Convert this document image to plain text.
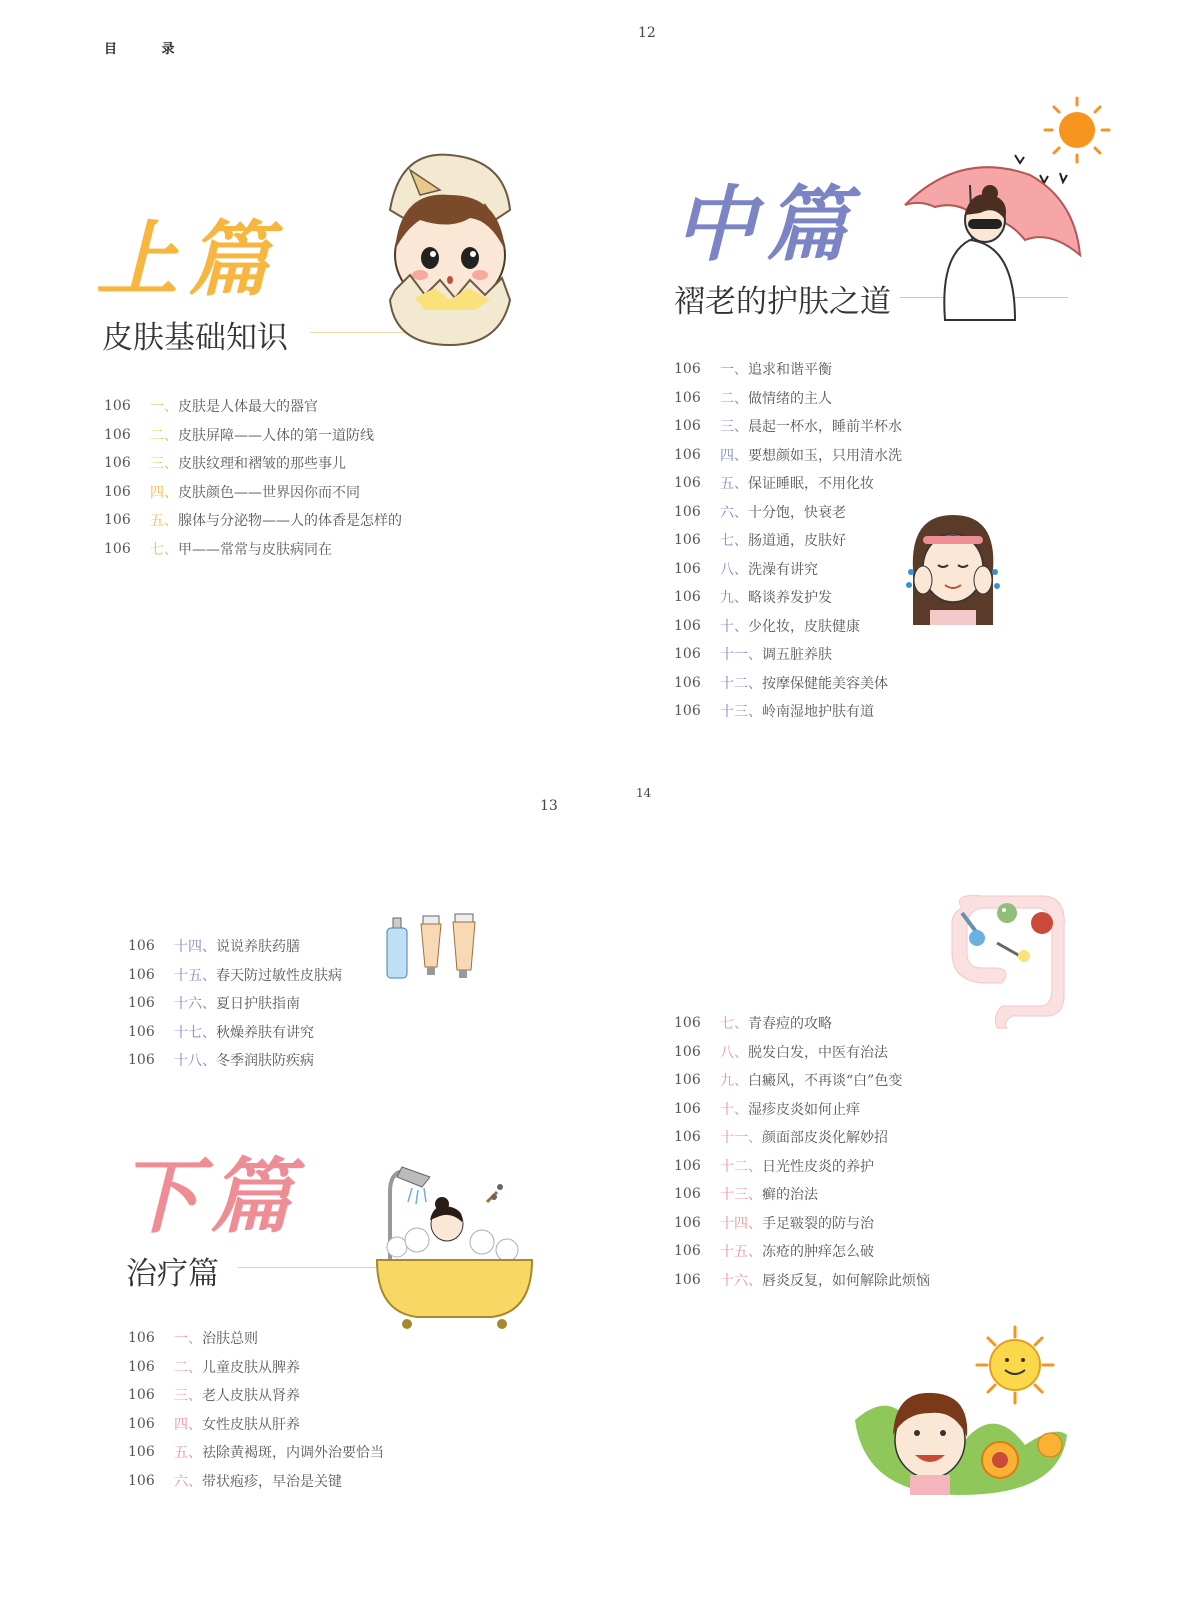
目 录
12
13
14
上篇
皮肤基础知识
106	一、 皮肤是人体最大的器官
106	二、 皮肤屏障——人体的第一道防线
106	三、 皮肤纹理和褶皱的那些事儿
106	四、 皮肤颜色——世界因你而不同
106	五、 腺体与分泌物——人的体香是怎样的
106	七、 甲——常常与皮肤病同在
中篇
褶老的护肤之道
106	一、 追求和谐平衡
106	二、 做情绪的主人
106	三、 晨起一杯水，睡前半杯水
106	四、 要想颜如玉，只用清水洗
106	五、 保证睡眠，不用化妆
106	六、 十分饱，快衰老
106	七、 肠道通，皮肤好
106	八、 洗澡有讲究
106	九、 略谈养发护发
106	十、 少化妆，皮肤健康
106	十一、 调五脏养肤
106	十二、 按摩保健能美容美体
106	十三、 岭南湿地护肤有道
106	十四、 说说养肤药膳
106	十五、 春天防过敏性皮肤病
106	十六、 夏日护肤指南
106	十七、 秋燥养肤有讲究
106	十八、 冬季润肤防疾病
下篇
治疗篇
106	一、 治肤总则
106	二、 儿童皮肤从脾养
106	三、 老人皮肤从肾养
106	四、 女性皮肤从肝养
106	五、 祛除黄褐斑，内调外治要恰当
106	六、 带状疱疹，早治是关键
106	七、 青春痘的攻略
106	八、 脱发白发，中医有治法
106	九、 白癜风，不再谈“白”色变
106	十、 湿疹皮炎如何止痒
106	十一、 颜面部皮炎化解妙招
106	十二、 日光性皮炎的养护
106	十三、 癣的治法
106	十四、 手足皲裂的防与治
106	十五、 冻疮的肿痒怎么破
106	十六、 唇炎反复，如何解除此烦恼
